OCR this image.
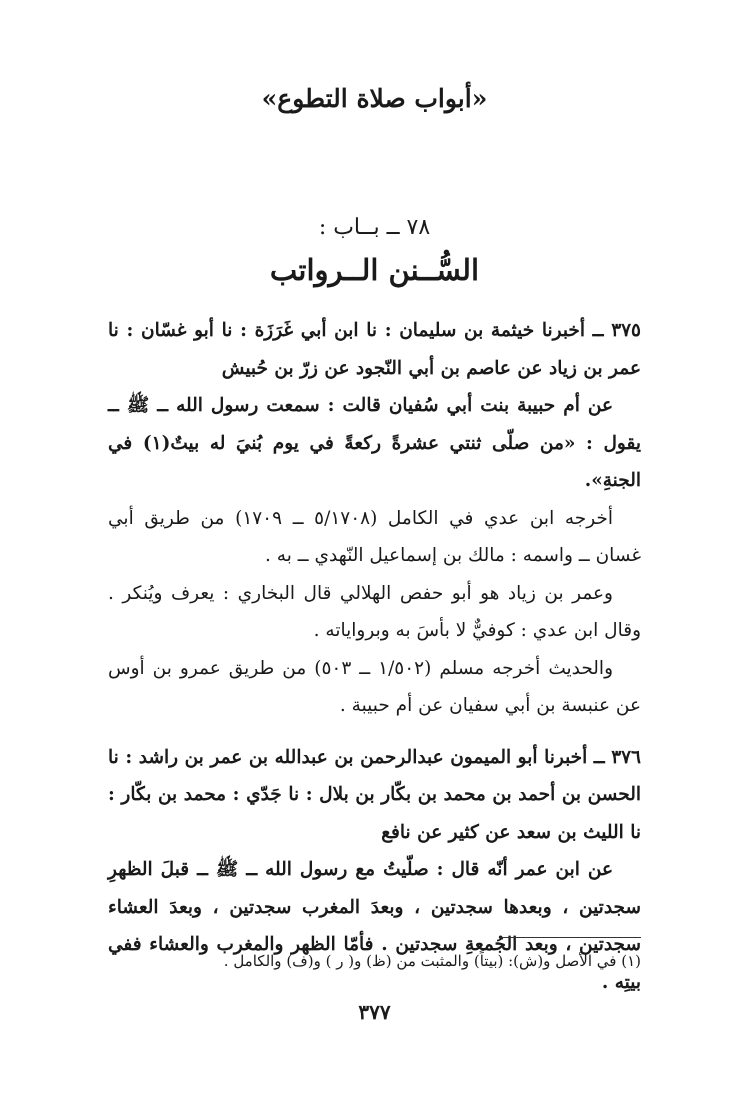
«أبواب صلاة التطوع»
٧٨ ــ بــاب :
السُّــنن الــرواتب

٣٧٥ ــ أخبرنا خيثمة بن سليمان : نا ابن أبي غَرَزَة : نا أبو غسّان : نا عمر بن زياد عن عاصم بن أبي النّجود عن زرّ بن حُبيش

عن أم حبيبة بنت أبي سُفيان قالت : سمعت رسول الله ــ ﷺ ــ يقول : «من صلّى ثنتي عشرةً ركعةً في يوم بُنيَ له بيتٌ(١) في الجنةِ».

أخرجه ابن عدي في الكامل (٥/١٧٠٨ ــ ١٧٠٩) من طريق أبي غسان ــ واسمه : مالك بن إسماعيل النّهدي ــ به .

وعمر بن زياد هو أبو حفص الهلالي قال البخاري : يعرف ويُنكر . وقال ابن عدي : كوفيٌّ لا بأسَ به وبرواياته .

والحديث أخرجه مسلم (١/٥٠٢ ــ ٥٠٣) من طريق عمرو بن أوس عن عنبسة بن أبي سفيان عن أم حبيبة .

٣٧٦ ــ أخبرنا أبو الميمون عبدالرحمن بن عبدالله بن عمر بن راشد : نا الحسن بن أحمد بن محمد بن بكّار بن بلال : نا جَدّي : محمد بن بكّار : نا الليث بن سعد عن كثير عن نافع

عن ابن عمر أنّه قال : صلّيتُ مع رسول الله ــ ﷺ ــ قبلَ الظهرِ سجدتين ، وبعدها سجدتين ، وبعدَ المغرب سجدتين ، وبعدَ العشاء سجدتين ، وبعد الجُمعةِ سجدتين . فأمّا الظهر والمغرب والعشاء ففي بيتِه .

(١) في الأصل و(ش): (بيتاً) والمثبت من (ظ) و( ر ) و(ف) والكامل .
٣٧٧
